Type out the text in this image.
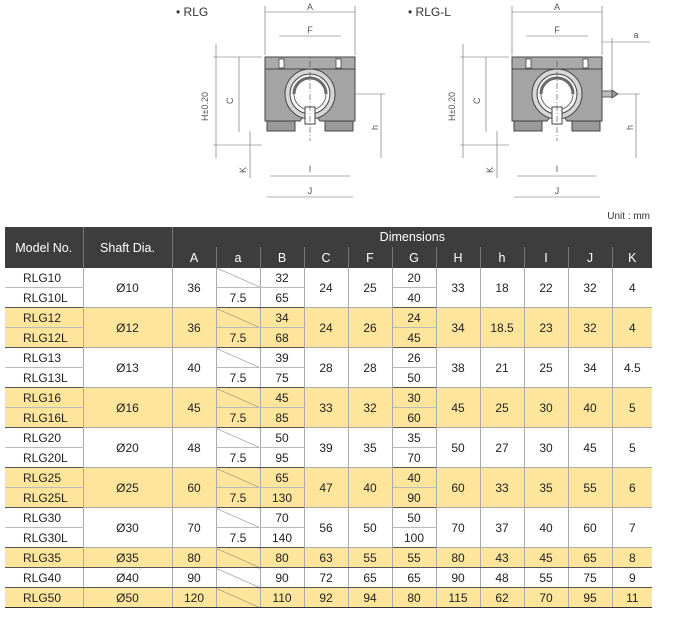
• RLG	A
F
H±0.20 C
h
K	I
J
• RLG-L	A
F	a
H±0.20 C
h
K	I
J
Unit : mm
Model No.	Shaft Dia.	Dimensions										
		A	a	B	C	F	G	H	h	I	J	K
RLG10	Ø10	36		32	24	25	20	33	18	22	32	4
RLG10L			7.5	65			40					
RLG12	Ø12	36		34	24	26	24	34	18.5	23	32	4
RLG12L			7.5	68			45					
RLG13	Ø13	40		39	28	28	26	38	21	25	34	4.5
RLG13L			7.5	75			50					
RLG16	Ø16	45		45	33	32	30	45	25	30	40	5
RLG16L			7.5	85			60					
RLG20	Ø20	48		50	39	35	35	50	27	30	45	5
RLG20L			7.5	95			70					
RLG25	Ø25	60		65	47	40	40	60	33	35	55	6
RLG25L			7.5	130			90					
RLG30	Ø30	70		70	56	50	50	70	37	40	60	7
RLG30L			7.5	140			100					
RLG35	Ø35	80		80	63	55	55	80	43	45	65	8
RLG40	Ø40	90		90	72	65	65	90	48	55	75	9
RLG50	Ø50	120		110	92	94	80	115	62	70	95	11
